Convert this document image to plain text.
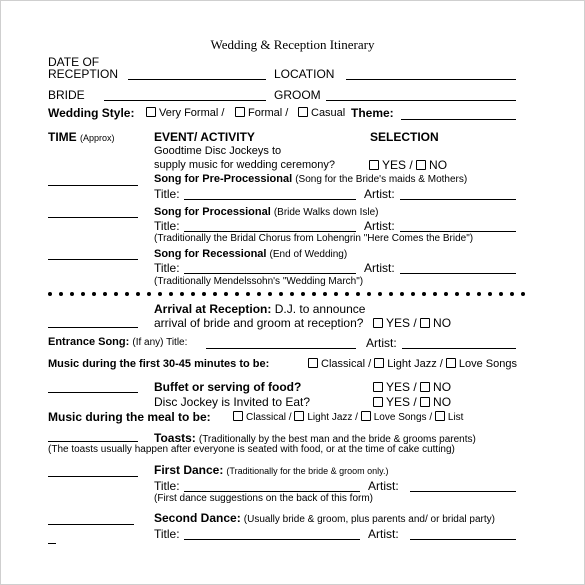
Wedding & Reception Itinerary
DATE OF
RECEPTION	LOCATION
BRIDE	GROOM
Wedding Style:	Very Formal /	Formal /	Casual Theme:
TIME (Approx)	EVENT/ ACTIVITY	SELECTION
Goodtime Disc Jockeys to
supply music for wedding ceremony?	YES / NO
Song for Pre-Processional (Song for the Bride's maids & Mothers)
Title:	Artist:
Song for Processional (Bride Walks down Isle)
Title:	Artist:
(Traditionally the Bridal Chorus from Lohengrin "Here Comes the Bride")
Song for Recessional (End of Wedding)
Title:	Artist:
(Traditionally Mendelssohn's "Wedding March")
Arrival at Reception: D.J. to announce
arrival of bride and groom at reception?	YES / NO
Entrance Song: (If any) Title:	Artist:
Music during the first 30-45 minutes to be:	Classical / Light Jazz / Love Songs
Buffet or serving of food?	YES / NO
Disc Jockey is Invited to Eat?	YES / NO
Music during the meal to be:	Classical / Light Jazz / Love Songs / List
Toasts: (Traditionally by the best man and the bride & grooms parents)
(The toasts usually happen after everyone is seated with food, or at the time of cake cutting)
First Dance: (Traditionally for the bride & groom only.)
Title:	Artist:
(First dance suggestions on the back of this form)
Second Dance: (Usually bride & groom, plus parents and/ or bridal party)
Title:	Artist:
